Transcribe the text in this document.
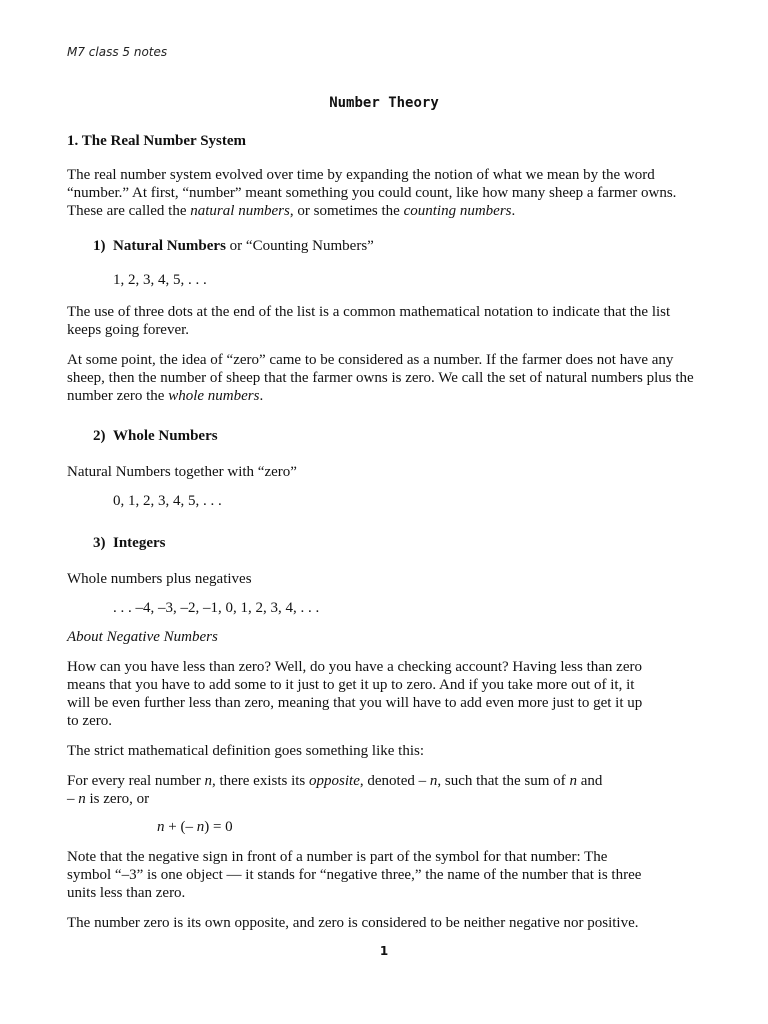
M7 class 5 notes

Number Theory

1. The Real Number System

The real number system evolved over time by expanding the notion of what we mean by the word
“number.” At first, “number” meant something you could count, like how many sheep a farmer owns.
These are called the natural numbers, or sometimes the counting numbers.
1) Natural Numbers or “Counting Numbers”

1, 2, 3, 4, 5, . . .

The use of three dots at the end of the list is a common mathematical notation to indicate that the list
keeps going forever.
At some point, the idea of “zero” came to be considered as a number. If the farmer does not have any
sheep, then the number of sheep that the farmer owns is zero. We call the set of natural numbers plus the
number zero the whole numbers.
2) Whole Numbers

Natural Numbers together with “zero”

0, 1, 2, 3, 4, 5, . . .

3) Integers

Whole numbers plus negatives

. . . –4, –3, –2, –1, 0, 1, 2, 3, 4, . . .

About Negative Numbers

How can you have less than zero? Well, do you have a checking account? Having less than zero
means that you have to add some to it just to get it up to zero. And if you take more out of it, it
will be even further less than zero, meaning that you will have to add even more just to get it up
to zero.

The strict mathematical definition goes something like this:

For every real number n, there exists its opposite, denoted – n, such that the sum of n and
– n is zero, or
n + (– n) = 0
Note that the negative sign in front of a number is part of the symbol for that number: The
symbol “–3” is one object — it stands for “negative three,” the name of the number that is three
units less than zero.

The number zero is its own opposite, and zero is considered to be neither negative nor positive.

1
